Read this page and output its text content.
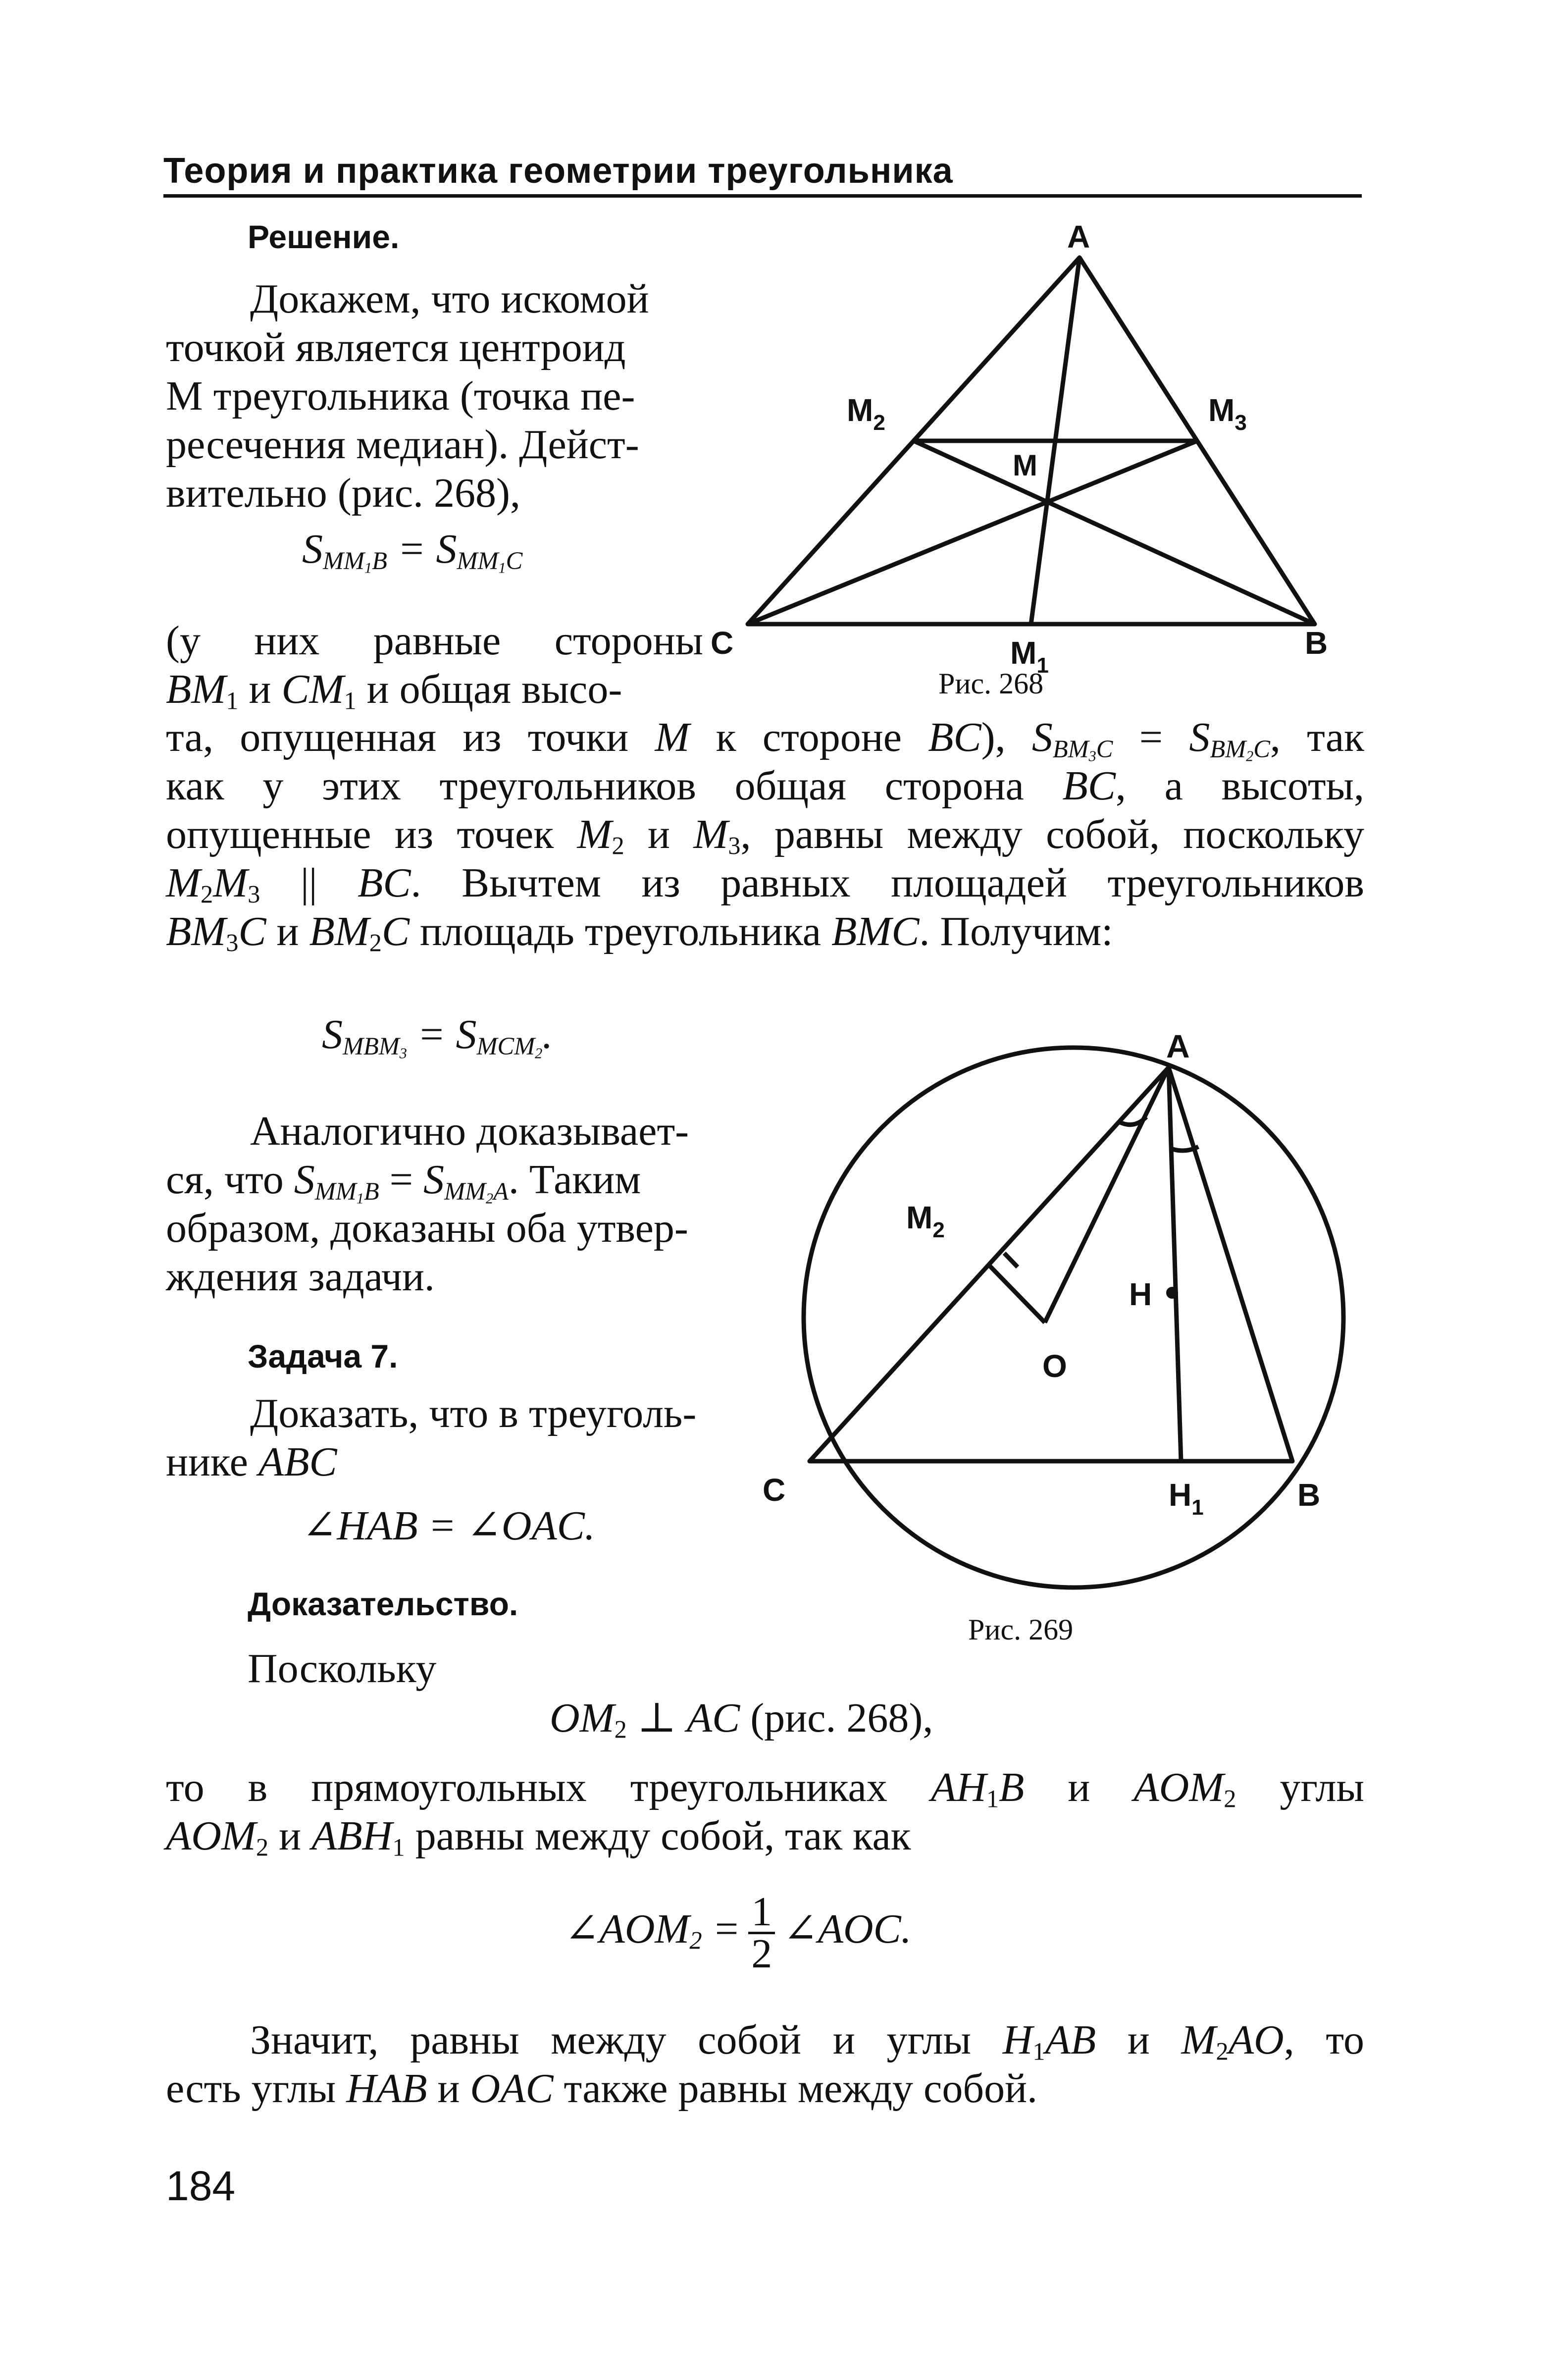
Теория и практика геометрии треугольника
Решение.
Докажем, что искомой
точкой является центроид
М треугольника (точка пе-
ресечения медиан). Дейст-
вительно (рис. 268),
$S_{MM_1B} = S_{MM_1C}$
(у них равные стороны
$BM_1$ и $CM_1$ и общая высо-
та, опущенная из точки M к стороне BC), $S_{BM_3C} = S_{BM_2C}$, так
как у этих треугольников общая сторона BC, а высоты,
опущенные из точек $M_2$ и $M_3$, равны между собой, поскольку
$M_2M_3$ || BC. Вычтем из равных площадей треугольников
$BM_3C$ и $BM_2C$ площадь треугольника BMC. Получим:
$S_{MBM_3} = S_{MCM_2}$.
Аналогично доказывает-
ся, что $S_{MM_1B} = S_{MM_2A}$. Таким
образом, доказаны оба утвер-
ждения задачи.
Задача 7.
Доказать, что в треуголь-
нике ABC
∠HAB = ∠OAC.
Доказательство.
Поскольку
$OM_2$ ⊥ AC (рис. 268),
то в прямоугольных треугольниках $AH_1B$ и $AOM_2$ углы
$AOM_2$ и $ABH_1$ равны между собой, так как
$\angle AOM_2 = \frac{1}{2}$ ∠AOC.
Значит, равны между собой и углы $H_1AB$ и $M_2AO$, то
есть углы HAB и OAC также равны между собой.
184
A
$M_2$	$M_3$
M
C	$M_1$
B
Рис. 268
A
$M_2$
H
O
C	$H_1$	B
Рис. 269
